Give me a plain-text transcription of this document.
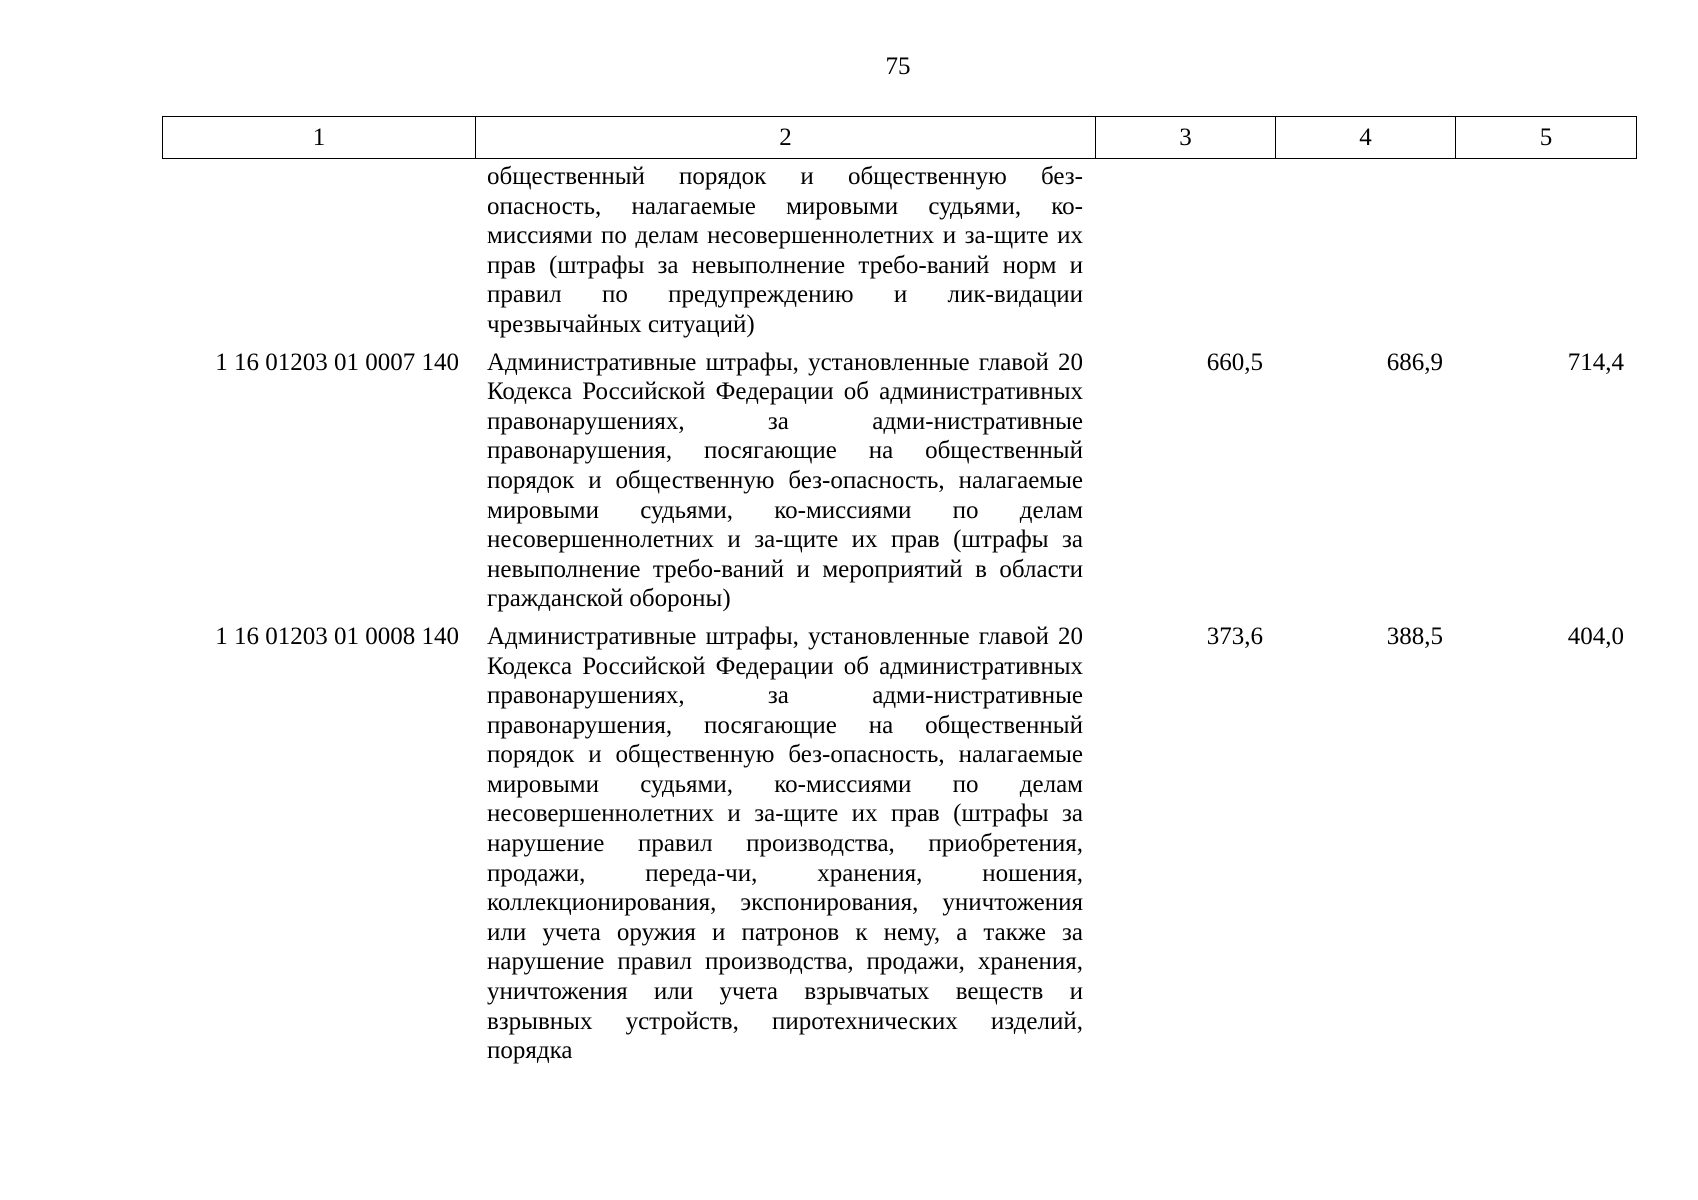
75
1	2	3	4	5
	общественный порядок и общественную без-опасность, налагаемые мировыми судьями, ко-миссиями по делам несовершеннолетних и за-щите их прав (штрафы за невыполнение требо-ваний норм и правил по предупреждению и лик-видации чрезвычайных ситуаций)			
1 16 01203 01 0007 140	Административные штрафы, установленные главой 20 Кодекса Российской Федерации об административных правонарушениях, за адми-нистративные правонарушения, посягающие на общественный порядок и общественную без-опасность, налагаемые мировыми судьями, ко-миссиями по делам несовершеннолетних и за-щите их прав (штрафы за невыполнение требо-ваний и мероприятий в области гражданской обороны)	660,5	686,9	714,4
1 16 01203 01 0008 140	Административные штрафы, установленные главой 20 Кодекса Российской Федерации об административных правонарушениях, за адми-нистративные правонарушения, посягающие на общественный порядок и общественную без-опасность, налагаемые мировыми судьями, ко-миссиями по делам несовершеннолетних и за-щите их прав (штрафы за нарушение правил производства, приобретения, продажи, переда-чи, хранения, ношения, коллекционирования, экспонирования, уничтожения или учета оружия и патронов к нему, а также за нарушение правил производства, продажи, хранения, уничтожения или учета взрывчатых веществ и взрывных устройств, пиротехнических изделий, порядка	373,6	388,5	404,0
